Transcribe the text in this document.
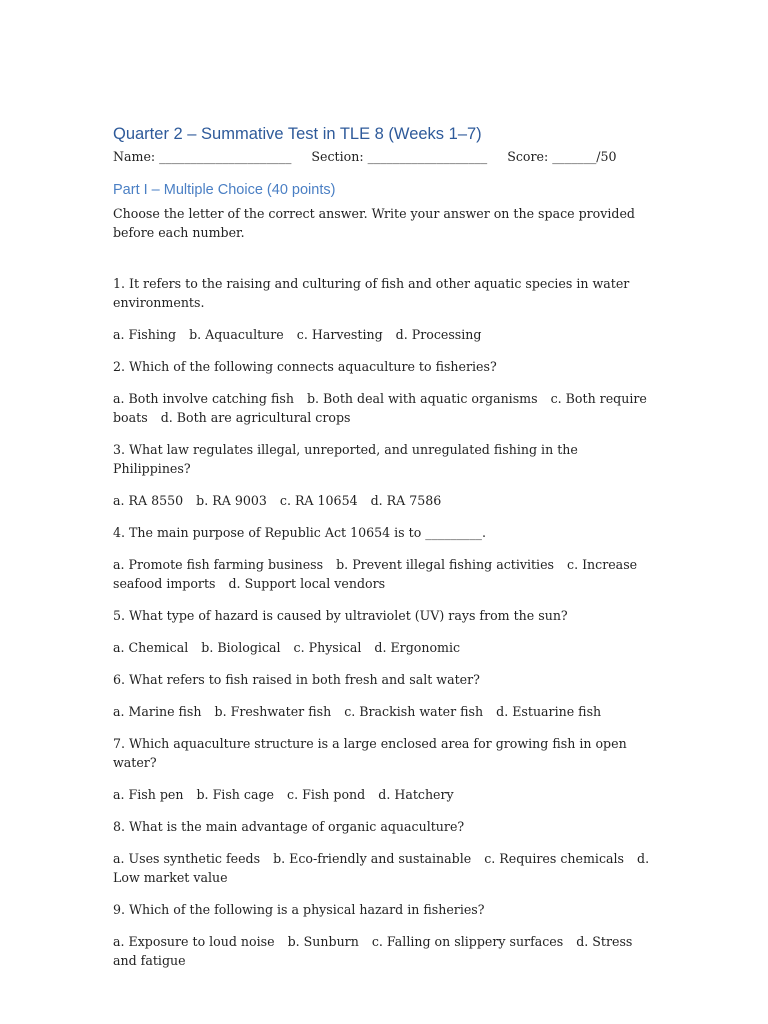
Quarter 2 – Summative Test in TLE 8 (Weeks 1–7)
Name: _____________________     Section: ___________________     Score: _______/50
Part I – Multiple Choice (40 points)

Choose the letter of the correct answer. Write your answer on the space provided before each number.

1. It refers to the raising and culturing of fish and other aquatic species in water environments.

a. Fishing b. Aquaculture c. Harvesting d. Processing

2. Which of the following connects aquaculture to fisheries?

a. Both involve catching fish b. Both deal with aquatic organisms c. Both require boats d. Both are agricultural crops

3. What law regulates illegal, unreported, and unregulated fishing in the Philippines?

a. RA 8550 b. RA 9003 c. RA 10654 d. RA 7586

4. The main purpose of Republic Act 10654 is to _________.

a. Promote fish farming business b. Prevent illegal fishing activities c. Increase seafood imports d. Support local vendors

5. What type of hazard is caused by ultraviolet (UV) rays from the sun?

a. Chemical b. Biological c. Physical d. Ergonomic

6. What refers to fish raised in both fresh and salt water?

a. Marine fish b. Freshwater fish c. Brackish water fish d. Estuarine fish

7. Which aquaculture structure is a large enclosed area for growing fish in open water?

a. Fish pen b. Fish cage c. Fish pond d. Hatchery

8. What is the main advantage of organic aquaculture?

a. Uses synthetic feeds b. Eco-friendly and sustainable c. Requires chemicals d. Low market value

9. Which of the following is a physical hazard in fisheries?

a. Exposure to loud noise b. Sunburn c. Falling on slippery surfaces d. Stress and fatigue
